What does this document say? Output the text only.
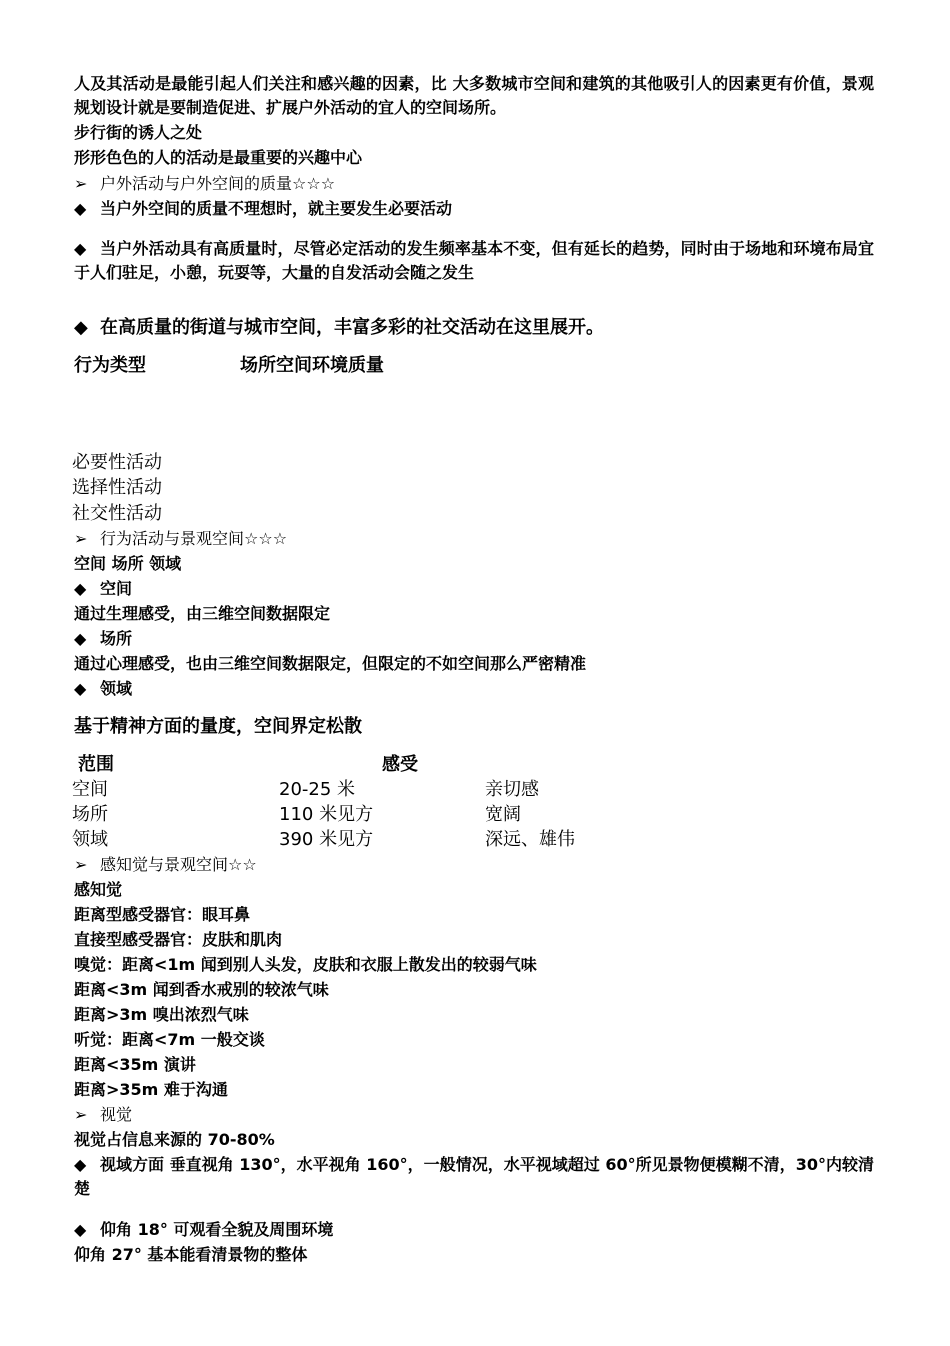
人及其活动是最能引起人们关注和感兴趣的因素，比 大多数城市空间和建筑的其他吸引人的因素更有价值，景观规划设计就是要制造促进、扩展户外活动的宜人的空间场所。
步行街的诱人之处
形形色色的人的活动是最重要的兴趣中心
➢ 户外活动与户外空间的质量☆☆☆
◆ 当户外空间的质量不理想时，就主要发生必要活动
◆ 当户外活动具有高质量时，尽管必定活动的发生频率基本不变，但有延长的趋势，同时由于场地和环境布局宜于人们驻足，小憩，玩耍等，大量的自发活动会随之发生
◆ 在高质量的街道与城市空间，丰富多彩的社交活动在这里展开。
行为类型	场所空间环境质量
必要性活动
选择性活动
社交性活动
➢ 行为活动与景观空间☆☆☆
空间 场所 领域
◆ 空间
通过生理感受，由三维空间数据限定
◆ 场所
通过心理感受，也由三维空间数据限定，但限定的不如空间那么严密精准
◆ 领域
基于精神方面的量度，空间界定松散
范围	感受
空间	20-25 米	亲切感
场所	110 米见方	宽阔
领域	390 米见方	深远、雄伟
➢ 感知觉与景观空间☆☆
感知觉
距离型感受器官：眼耳鼻
直接型感受器官：皮肤和肌肉
嗅觉：距离<1m 闻到别人头发，皮肤和衣服上散发出的较弱气味
距离<3m 闻到香水戒别的较浓气味
距离>3m 嗅出浓烈气味
听觉：距离<7m 一般交谈
距离<35m 演讲
距离>35m 难于沟通
➢ 视觉
视觉占信息来源的 70-80%
◆ 视域方面 垂直视角 130°，水平视角 160°，一般情况，水平视域超过 60°所见景物便模糊不清，30°内较清楚
◆ 仰角 18° 可观看全貌及周围环境
仰角 27° 基本能看清景物的整体
